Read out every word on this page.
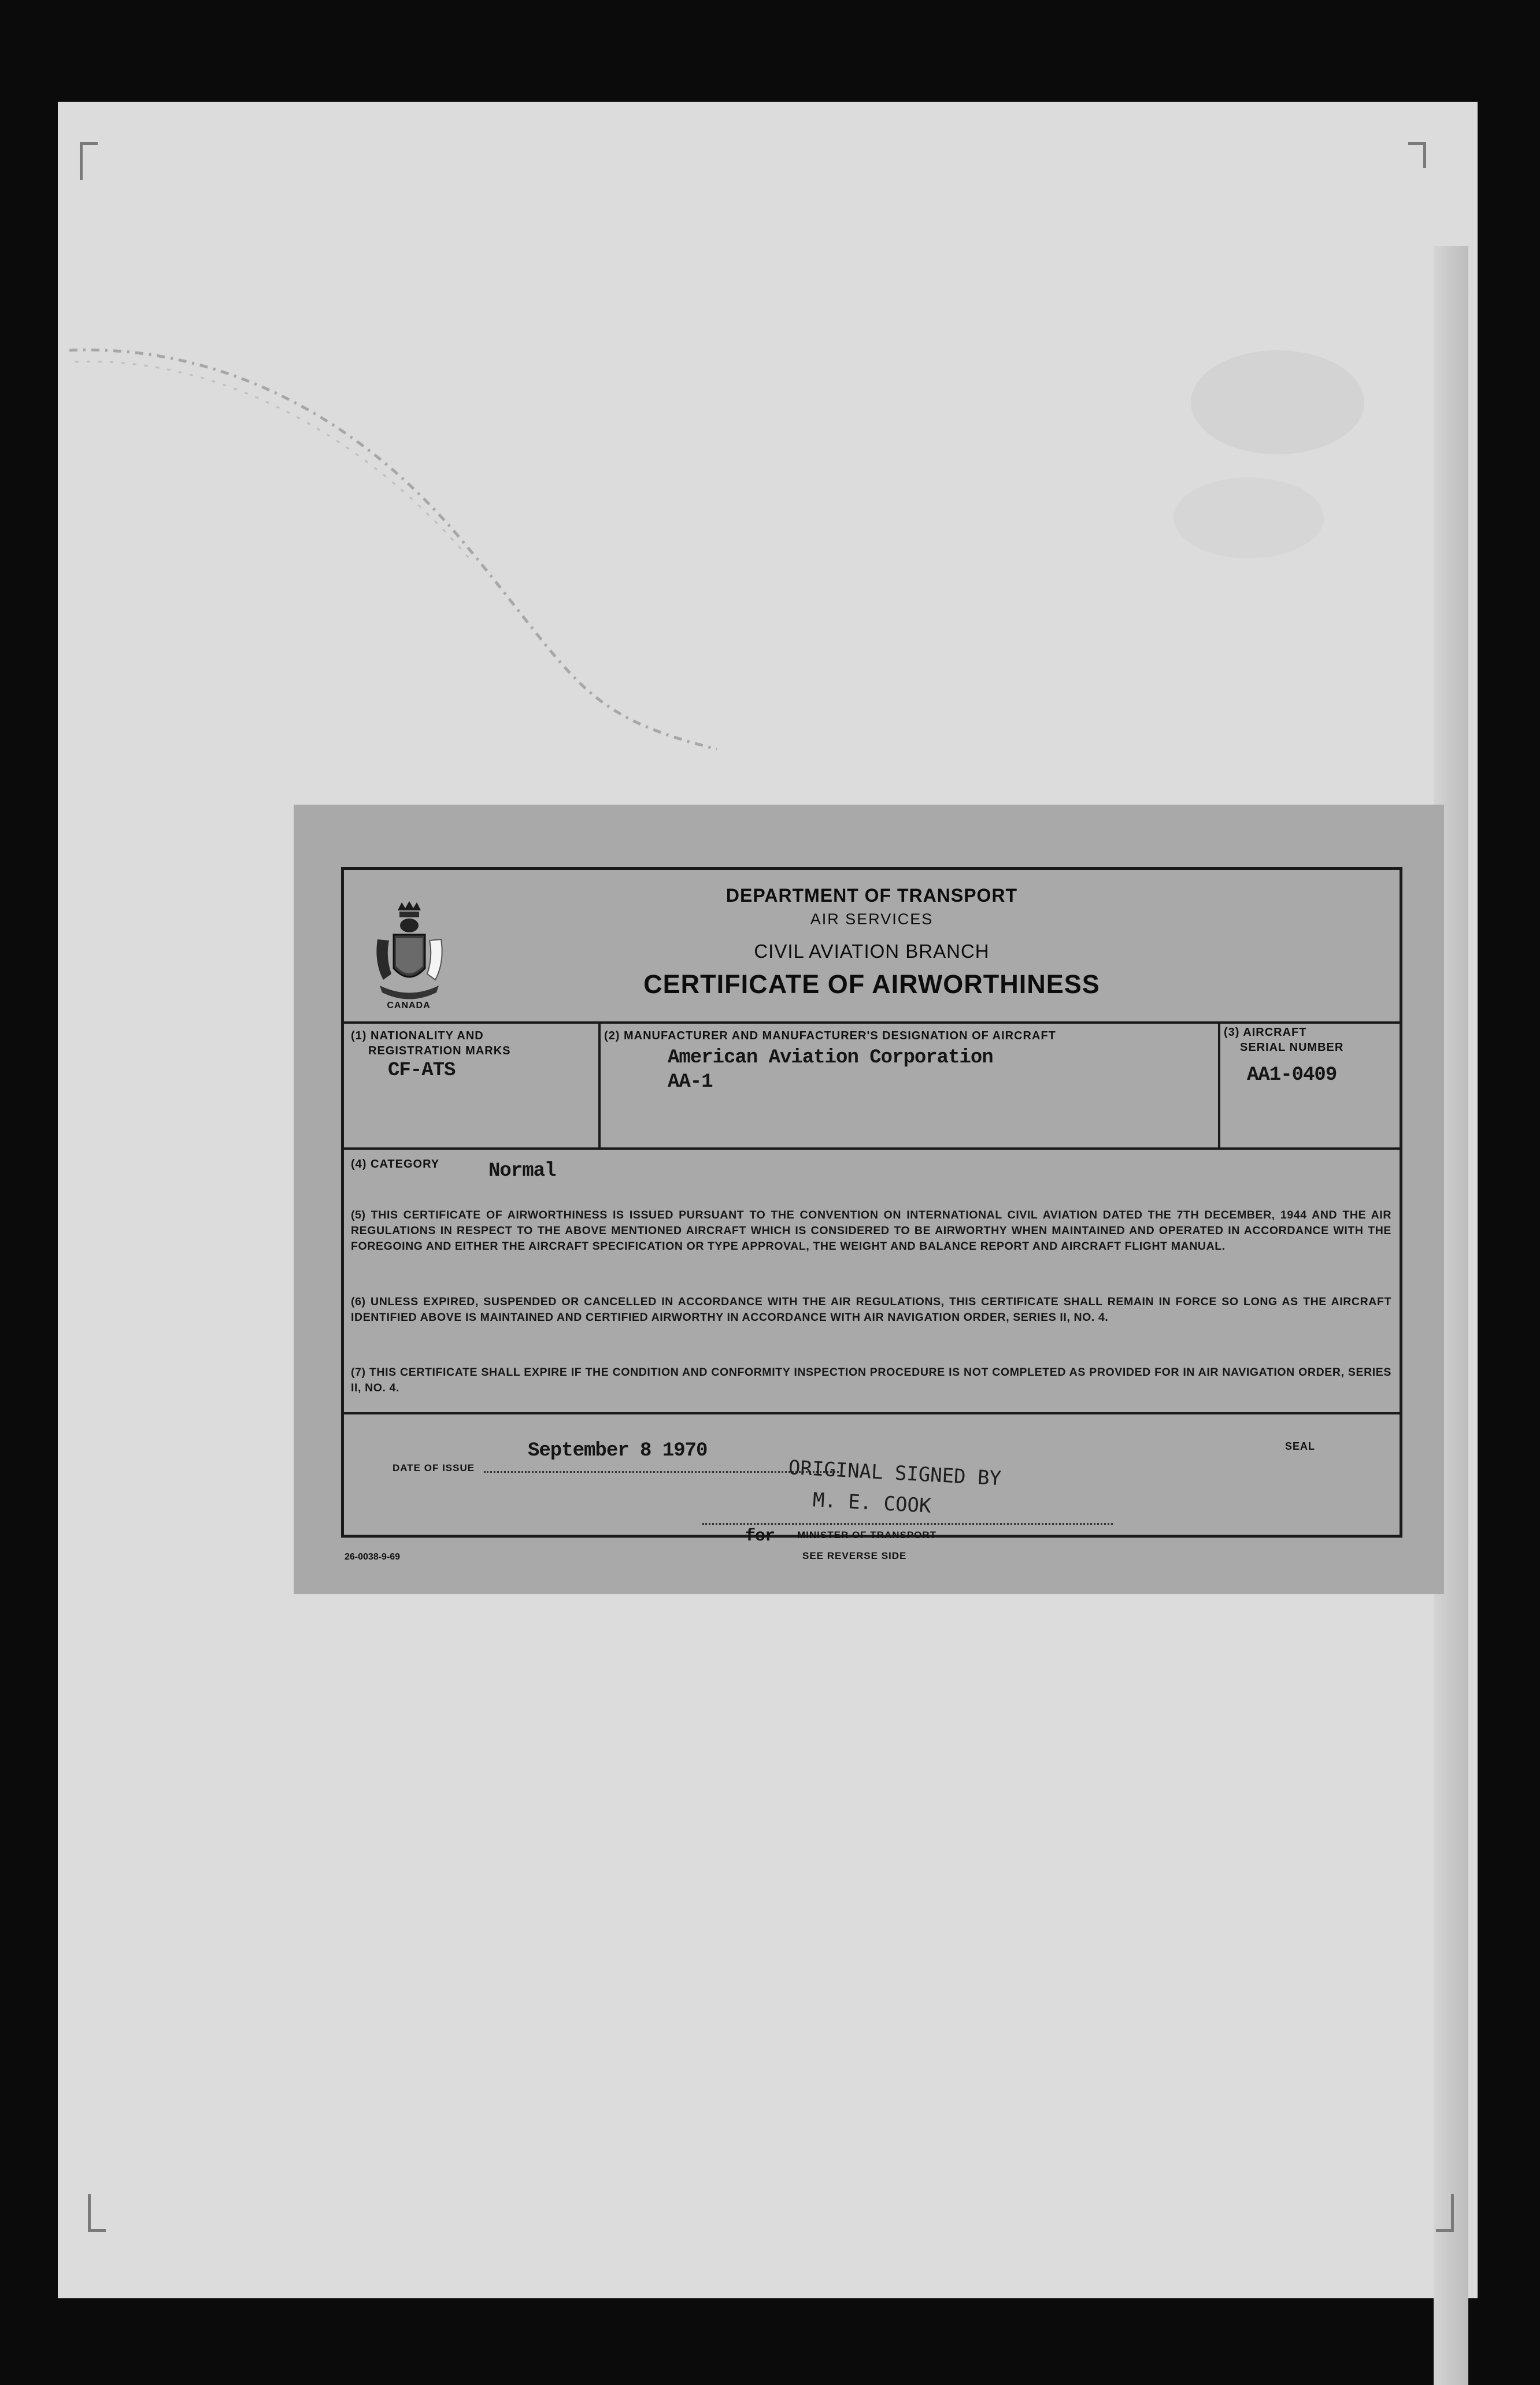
CANADA
DEPARTMENT OF TRANSPORT
AIR SERVICES
CIVIL AVIATION BRANCH
CERTIFICATE OF AIRWORTHINESS
(1) NATIONALITY AND
REGISTRATION MARKS
CF-ATS
(2) MANUFACTURER AND MANUFACTURER'S DESIGNATION OF AIRCRAFT
American Aviation Corporation
AA-1
(3) AIRCRAFT
SERIAL NUMBER
AA1-0409
(4) CATEGORY Normal
(5) THIS CERTIFICATE OF AIRWORTHINESS IS ISSUED PURSUANT TO THE CONVENTION ON INTERNATIONAL CIVIL AVIATION DATED THE 7TH DECEMBER, 1944 AND THE AIR REGULATIONS IN RESPECT TO THE ABOVE MENTIONED AIRCRAFT WHICH IS CONSIDERED TO BE AIRWORTHY WHEN MAINTAINED AND OPERATED IN ACCORDANCE WITH THE FOREGOING AND EITHER THE AIRCRAFT SPECIFICATION OR TYPE APPROVAL, THE WEIGHT AND BALANCE REPORT AND AIRCRAFT FLIGHT MANUAL.
(6) UNLESS EXPIRED, SUSPENDED OR CANCELLED IN ACCORDANCE WITH THE AIR REGULATIONS, THIS CERTIFICATE SHALL REMAIN IN FORCE SO LONG AS THE AIRCRAFT IDENTIFIED ABOVE IS MAINTAINED AND CERTIFIED AIRWORTHY IN ACCORDANCE WITH AIR NAVIGATION ORDER, SERIES II, NO. 4.
(7) THIS CERTIFICATE SHALL EXPIRE IF THE CONDITION AND CONFORMITY INSPECTION PROCEDURE IS NOT COMPLETED AS PROVIDED FOR IN AIR NAVIGATION ORDER, SERIES II, NO. 4.
DATE OF ISSUE
September 8 1970	SEAL
ORIGINAL SIGNED BY
M. E. COOK
for MINISTER OF TRANSPORT
26-0038-9-69	SEE REVERSE SIDE
